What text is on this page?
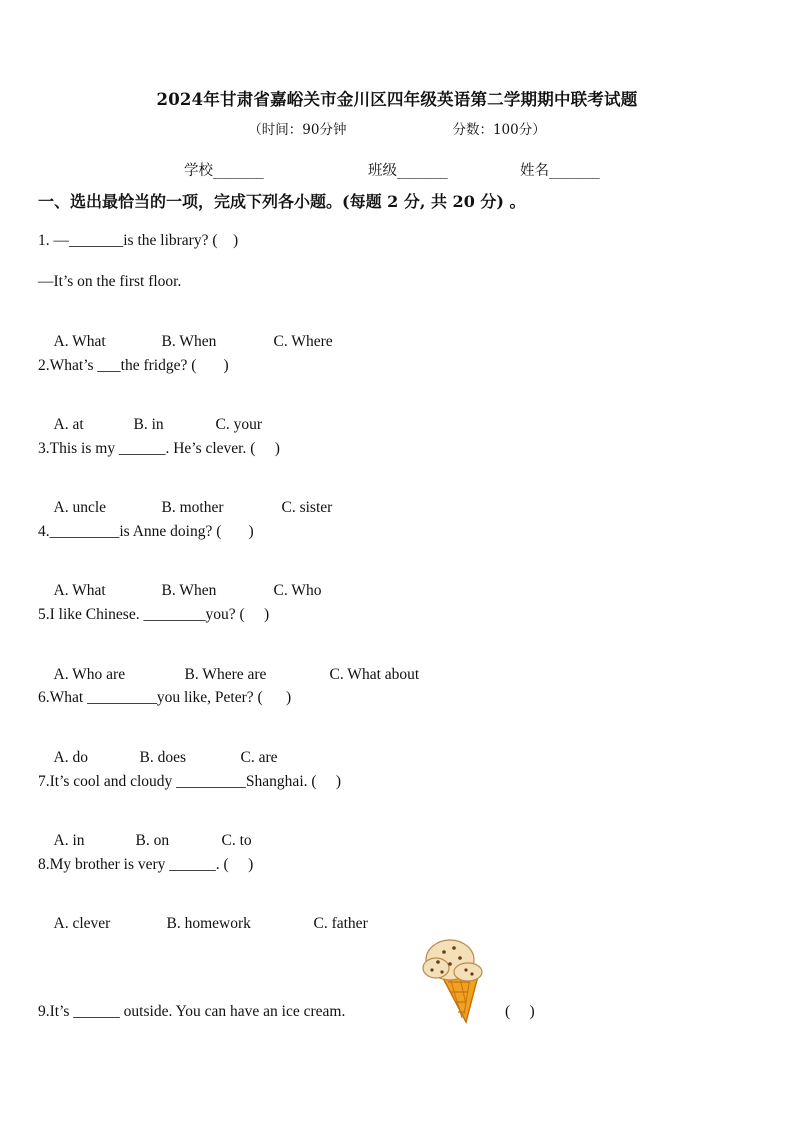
2024年甘肃省嘉峪关市金川区四年级英语第二学期期中联考试题
（时间：90分钟	分数：100分）
学校_______	班级_______	姓名_______
一、选出最恰当的一项，完成下列各小题。(每题 2 分, 共 20 分) 。
1. —_______is the library? (    )
—It’s on the first floor.

A. What	B. When	C. Where

2.What’s ___the fridge? (       )

A. at	B. in	C. your

3.This is my ______. He’s clever. (     )

A. uncle	B. mother	C. sister

4._________is Anne doing? (       )

A. What	B. When	C. Who

5.I like Chinese. ________you? (     )

A. Who are	B. Where are	C. What about

6.What _________you like, Peter? (      )

A. do	B. does	C. are

7.It’s cool and cloudy _________Shanghai. (     )

A. in	B. on	C. to

8.My brother is very ______. (     )

A. clever	B. homework	C. father

9.It’s ______ outside. You can have an ice cream.	(     )
